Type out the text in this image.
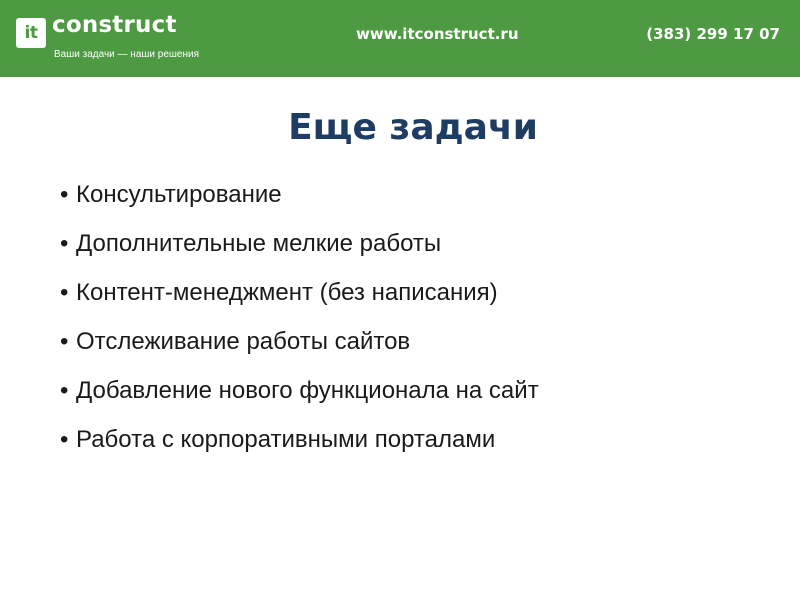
it construct
Ваши задачи — наши решения
www.itconstruct.ru	(383) 299 17 07
Еще задачи
• Консультирование
• Дополнительные мелкие работы
• Контент-менеджмент (без написания)
• Отслеживание работы сайтов
• Добавление нового функционала на сайт
• Работа с корпоративными порталами
